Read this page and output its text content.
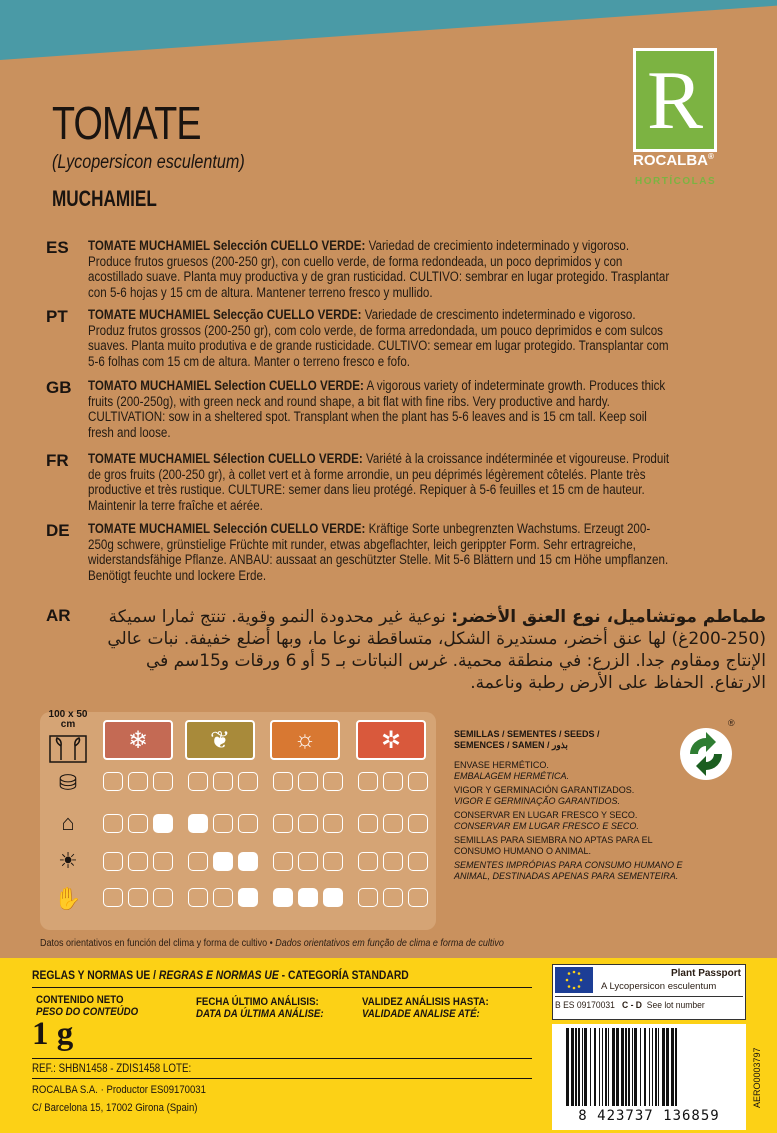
TOMATE
(Lycopersicon esculentum)
MUCHAMIEL
R
ROCALBA®
HORTÍCOLAS
ES TOMATE MUCHAMIEL Selección CUELLO VERDE: Variedad de crecimiento indeterminado y vigoroso. Produce frutos gruesos (200-250 gr), con cuello verde, de forma redondeada, un poco deprimidos y con acostillado suave. Planta muy productiva y de gran rusticidad. CULTIVO: sembrar en lugar protegido. Trasplantar con 5-6 hojas y 15 cm de altura. Mantener terreno fresco y mullido.
PT TOMATE MUCHAMIEL Selecção CUELLO VERDE: Variedade de crescimento indeterminado e vigoroso. Produz frutos grossos (200-250 gr), com colo verde, de forma arredondada, um pouco deprimidos e com sulcos suaves. Planta muito produtiva e de grande rusticidade. CULTIVO: semear em lugar protegido. Transplantar com 5-6 folhas com 15 cm de altura. Manter o terreno fresco e fofo.
GB TOMATO MUCHAMIEL Selection CUELLO VERDE: A vigorous variety of indeterminate growth. Produces thick fruits (200-250g), with green neck and round shape, a bit flat with fine ribs. Very productive and hardy. CULTIVATION: sow in a sheltered spot. Transplant when the plant has 5-6 leaves and is 15 cm tall. Keep soil fresh and loose.
FR TOMATE MUCHAMIEL Sélection CUELLO VERDE: Variété à la croissance indéterminée et vigoureuse. Produit de gros fruits (200-250 gr), à collet vert et à forme arrondie, un peu déprimés légèrement côtelés. Plante très productive et très rustique. CULTURE: semer dans lieu protégé. Repiquer à 5-6 feuilles et 15 cm de hauteur. Maintenir la terre fraîche et aérée.
DE TOMATE MUCHAMIEL Selección CUELLO VERDE: Kräftige Sorte unbegrenzten Wachstums. Erzeugt 200-250g schwere, grünstielige Früchte mit runder, etwas abgeflachter, leich gerippter Form. Sehr ertragreiche, widerstandsfähige Pflanze. ANBAU: aussaat an geschützter Stelle. Mit 5-6 Blättern und 15 cm Höhe umpflanzen. Benötigt feuchte und lockere Erde.
AR	طماطم موتشاميل، نوع العنق الأخضر: نوعية غير محدودة النمو وقوية. تنتج ثمارا سميكة (250-200غ) لها عنق أخضر، مستديرة الشكل، متساقطة نوعا ما، وبها أضلع خفيفة. نبات عالي الإنتاج ومقاوم جدا. الزرع: في منطقة محمية. غرس النباتات بـ 5 أو 6 ورقات و15سم في الارتفاع. الحفاظ على الأرض رطبة وناعمة.
100 x 50 cm
❄	❦	☼	✲
⛁
⌂
☀
✋
SEMILLAS / SEMENTES / SEEDS /
SEMENCES / SAMEN / بذور
ENVASE HERMÉTICO.
EMBALAGEM HERMÉTICA.
VIGOR Y GERMINACIÓN GARANTIZADOS.
VIGOR E GERMINAÇÃO GARANTIDOS.
CONSERVAR EN LUGAR FRESCO Y SECO.
CONSERVAR EM LUGAR FRESCO E SECO.
SEMILLAS PARA SIEMBRA NO APTAS PARA EL CONSUMO HUMANO O ANIMAL.
SEMENTES IMPRÓPIAS PARA CONSUMO HUMANO E ANIMAL, DESTINADAS APENAS PARA SEMENTEIRA.
®
Datos orientativos en función del clima y forma de cultivo • Dados orientativos em função de clima e forma de cultivo
REGLAS Y NORMAS UE / REGRAS E NORMAS UE - CATEGORÍA STANDARD
CONTENIDO NETO
PESO DO CONTEÚDO
FECHA ÚLTIMO ANÁLISIS:
DATA DA ÚLTIMA ANÁLISE:
VALIDEZ ANÁLISIS HASTA:
VALIDADE ANALISE ATÉ:
1 g
REF.: SHBN1458 - ZDIS1458 LOTE:
ROCALBA S.A. · Productor ES09170031
C/ Barcelona 15, 17002 Girona (Spain)
Plant Passport
A Lycopersicon esculentum
B ES 09170031 C - D See lot number
8 423737 136859
AERO0003797
